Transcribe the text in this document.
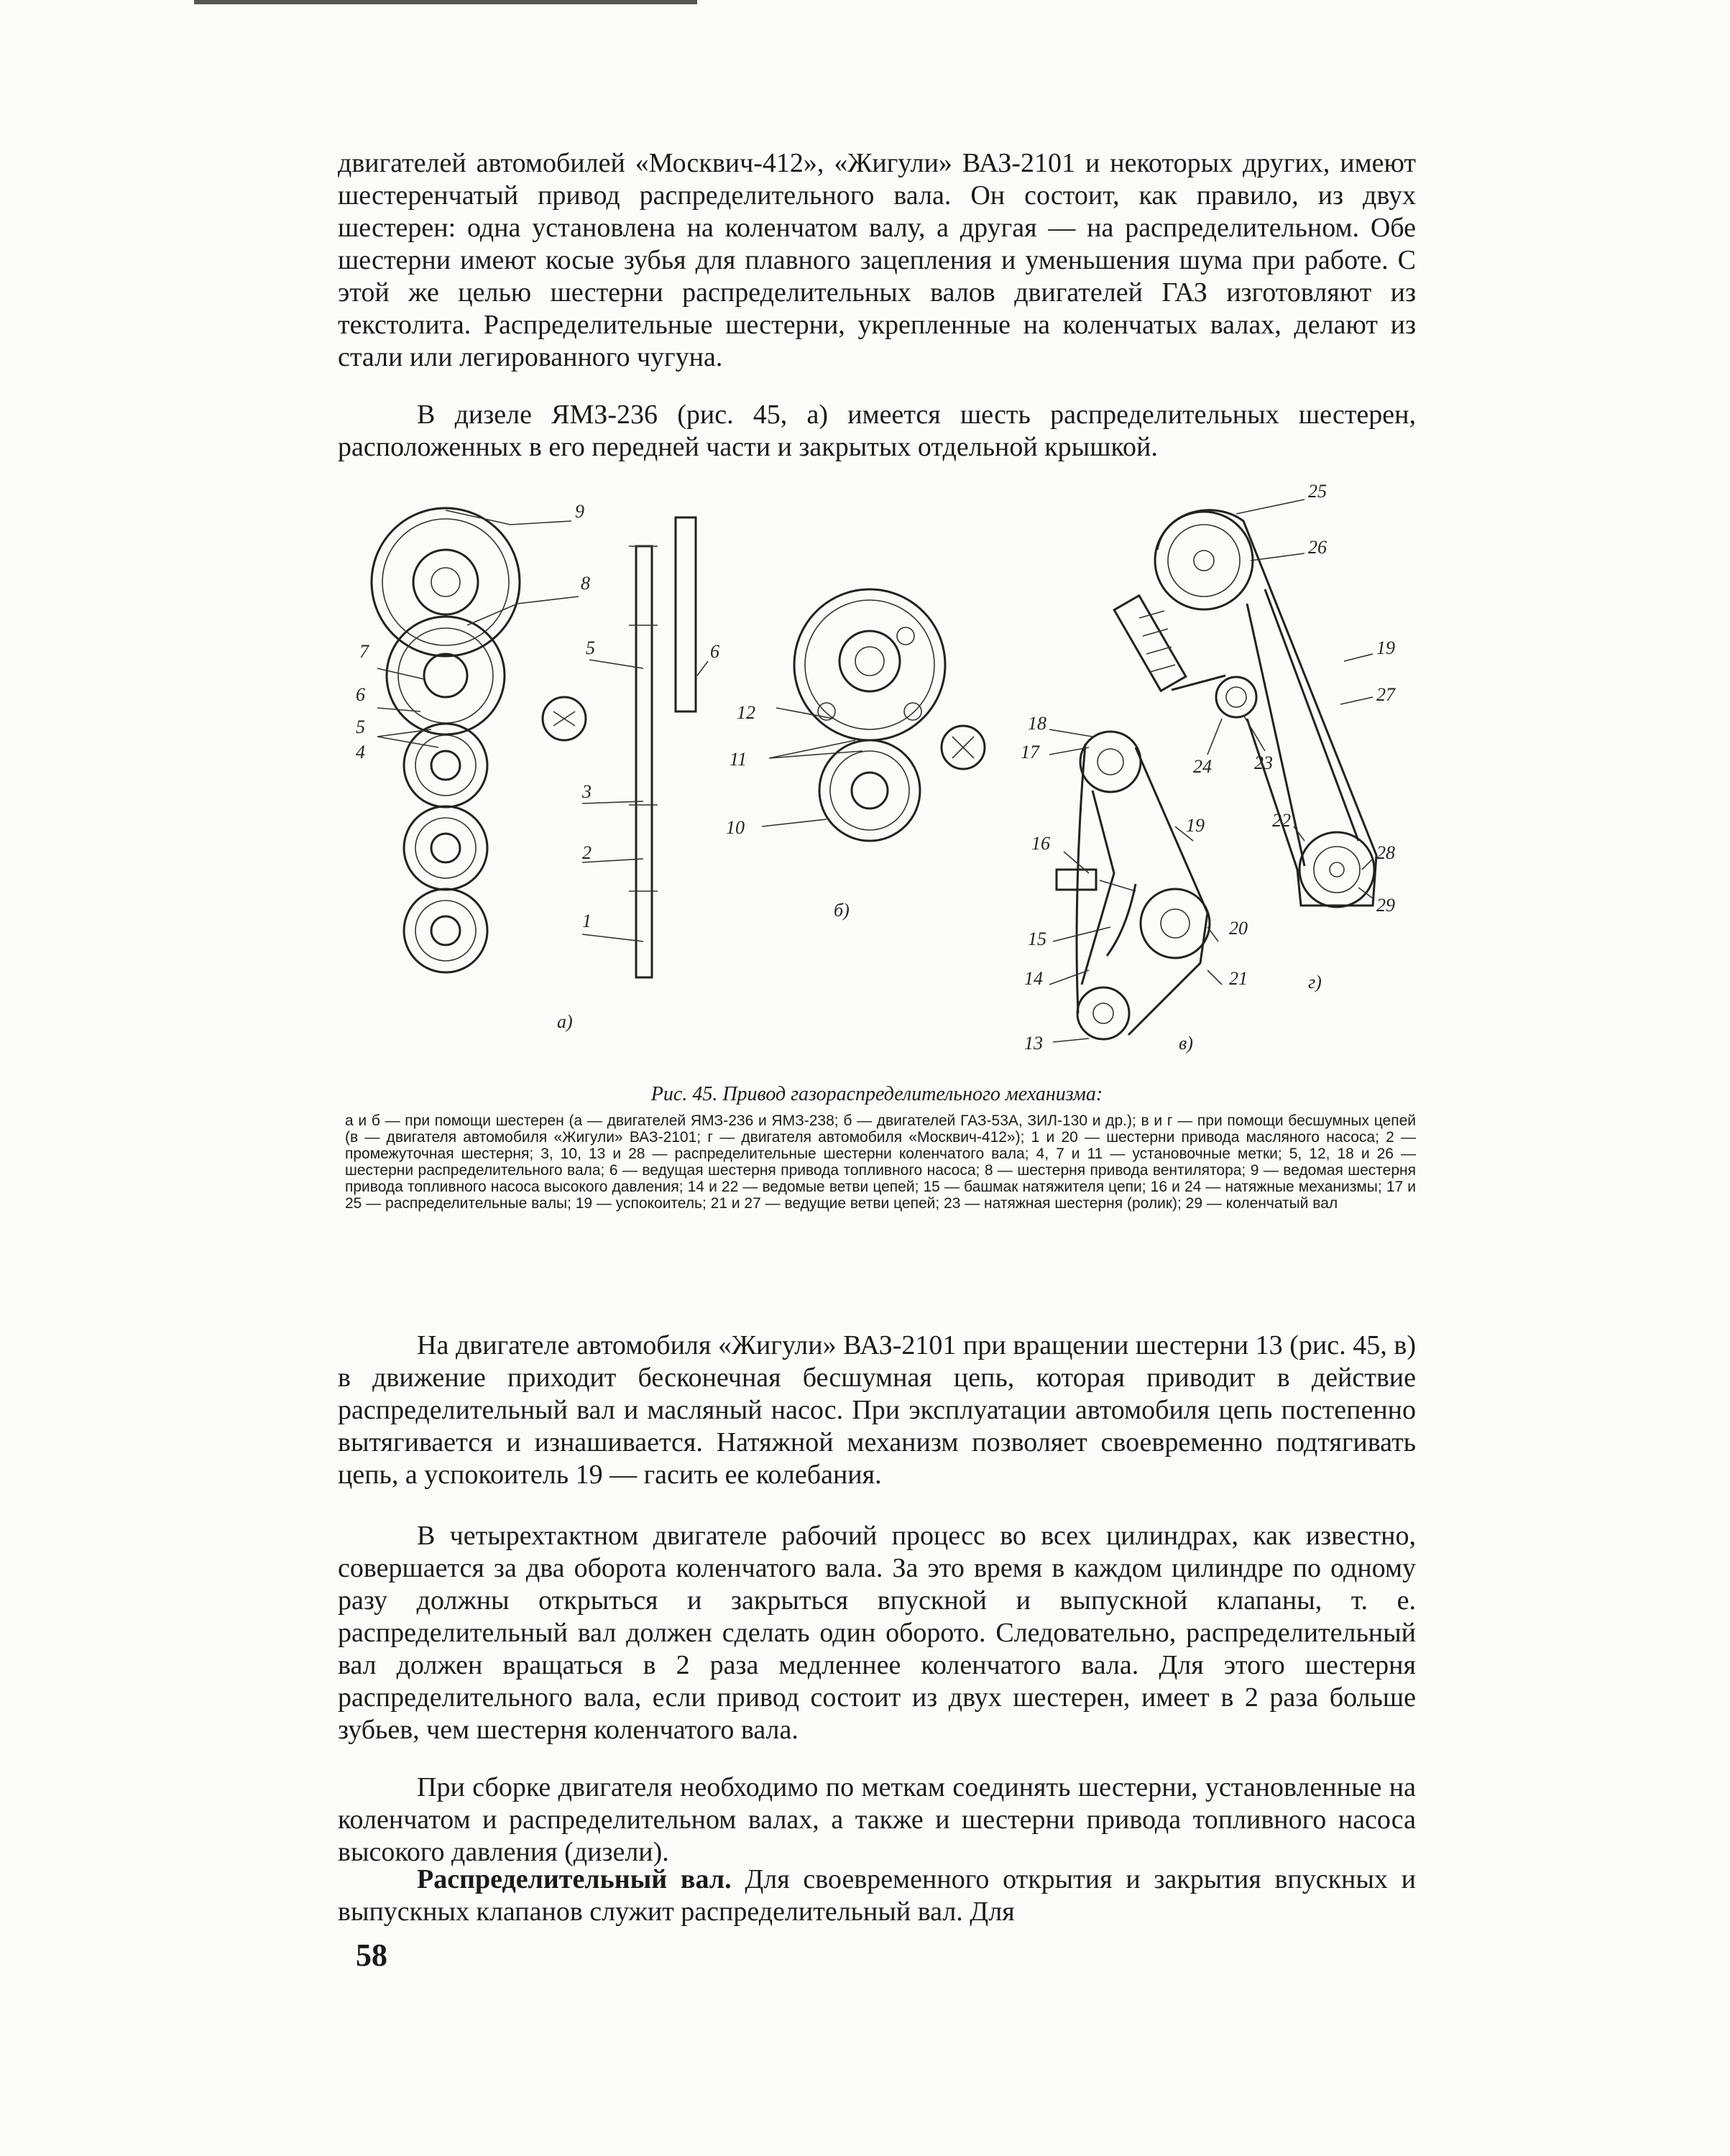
двигателей автомобилей «Москвич-412», «Жигули» ВАЗ-2101 и некоторых других, имеют шестеренчатый привод распределительного вала. Он состоит, как правило, из двух шестерен: одна установлена на коленчатом валу, а другая — на распределительном. Обе шестерни имеют косые зубья для плавного зацепления и уменьшения шума при работе. С этой же целью шестерни распределительных валов двигателей ГАЗ изготовляют из текстолита. Распределительные шестерни, укрепленные на коленчатых валах, делают из стали или легированного чугуна.

В дизеле ЯМЗ-236 (рис. 45, а) имеется шесть распределительных шестерен, расположенных в его передней части и закрытых отдельной крышкой.

9
8
5
7
6
5
4
3
2
1
6
а)
12
11
10
б)
18
17
19
16
15
20
14	21
13	в)
25
26
19
27
24 23
22
28
29
г)
Рис. 45. Привод газораспределительного механизма:
а и б — при помощи шестерен (а — двигателей ЯМЗ-236 и ЯМЗ-238; б — двигателей ГАЗ-53А, ЗИЛ-130 и др.); в и г — при помощи бесшумных цепей (в — двигателя автомобиля «Жигули» ВАЗ-2101; г — двигателя автомобиля «Москвич-412»); 1 и 20 — шестерни привода масляного насоса; 2 — промежуточная шестерня; 3, 10, 13 и 28 — распределительные шестерни коленчатого вала; 4, 7 и 11 — установочные метки; 5, 12, 18 и 26 — шестерни распределительного вала; 6 — ведущая шестерня привода топливного насоса; 8 — шестерня привода вентилятора; 9 — ведомая шестерня привода топливного насоса высокого давления; 14 и 22 — ведомые ветви цепей; 15 — башмак натяжителя цепи; 16 и 24 — натяжные механизмы; 17 и 25 — распределительные валы; 19 — успокоитель; 21 и 27 — ведущие ветви цепей; 23 — натяжная шестерня (ролик); 29 — коленчатый вал

На двигателе автомобиля «Жигули» ВАЗ-2101 при вращении шестерни 13 (рис. 45, в) в движение приходит бесконечная бесшумная цепь, которая приводит в действие распределительный вал и масляный насос. При эксплуатации автомобиля цепь постепенно вытягивается и изнашивается. Натяжной механизм позволяет своевременно подтягивать цепь, а успокоитель 19 — гасить ее колебания.

В четырехтактном двигателе рабочий процесс во всех цилиндрах, как известно, совершается за два оборота коленчатого вала. За это время в каждом цилиндре по одному разу должны открыться и закрыться впускной и выпускной клапаны, т. е. распределительный вал должен сделать один оборото. Следовательно, распределительный вал должен вращаться в 2 раза медленнее коленчатого вала. Для этого шестерня распределительного вала, если привод состоит из двух шестерен, имеет в 2 раза больше зубьев, чем шестерня коленчатого вала.

При сборке двигателя необходимо по меткам соединять шестерни, установленные на коленчатом и распределительном валах, а также и шестерни привода топливного насоса высокого давления (дизели).

Распределительный вал. Для своевременного открытия и закрытия впускных и выпускных клапанов служит распределительный вал. Для

58
